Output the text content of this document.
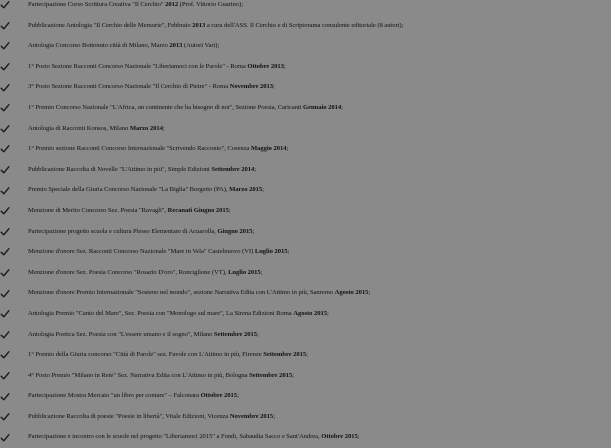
Partecipazione Corso Scrittura Creativa "Il Cerchio" 2012 (Prof. Vittorio Guarino);
Pubblicazione Antologia "Il Cerchio delle Memorie", Febbraio 2013 a cura dell'ASS. Il Cerchio e di Scriptorama consulente editoriale (8 autori);
Antologia Concorso Bottonuto città di Milano, Marzo 2013 (Autori Vari);
1° Posto Sezione Racconti Concorso Nazionale "Liberiamoci con le Parole" - Roma Ottobre 2013;
3° Posto Sezione Racconti Concorso Nazionale "Il Cerchio di Pietre" - Roma Novembre 2013;
1° Premio Concorso Nazionale "L'Africa, un continente che ha bisogno di noi", Sezione Poesia, Caricanti Gennaio 2014;
Antologia di Racconti Konsos, Milano Marzo 2014;
1° Premio sezione Racconti Concorso Internazionale "Scrivendo Racconto", Cosenza Maggio 2014;
Pubblicazione Raccolta di Novelle "L'Attimo in più", Simple Edizioni Settembre 2014;
Premio Speciale della Giuria Concorso Nazionale "La Biglia" Borgetto (PA), Marzo 2015;
Menzione di Merito Concorso Sez. Poesia "Ravagli", Recanati Giugno 2015;
Partecipazione progetto scuola e cultura Plesso Elementare di Acuarolla, Giugno 2015;
Menzione d'onore Sez. Racconti Concorso Nazionale "Mare in Vela" Castelnuovo (VI) Luglio 2015;
Menzione d'onore Sez. Poesia Concorso "Rosario D'oro", Ronciglione (VT), Luglio 2015;
Menzione d'onore Premio Internazionale "Sosteno nel mondo", sezione Narrativa Edita con L'Attimo in più, Sanremo Agosto 2015;
Antologia Premio "Canto del Mare", Sez. Poesia con "Monologo sul mare", La Sirena Edizioni Roma Agosto 2015;
Antologia Poetica Sez. Poesia con "L'essere umano e il sogno", Milano Settembre 2015;
1° Premio della Giuria concorso "Città di Parole" sez. Favole con L'Attimo in più, Firenze Settembre 2015;
4° Posto Premio "Milano in Rete" Sez. Narrativa Edita con L'Attimo in più, Bologna Settembre 2015;
Partecipazione Mostra Mercato "un libro per contare" – Falconara Ottobre 2015;
Pubblicazione Raccolta di poesie "Poesie in libertà", Vitale Edizioni, Vicenza Novembre 2015;
Partecipazione e incontro con le scuole nel progetto "Liberiamoci 2015" a Fondi, Sabaudia Sacco e Sant'Andrea, Ottobre 2015;
